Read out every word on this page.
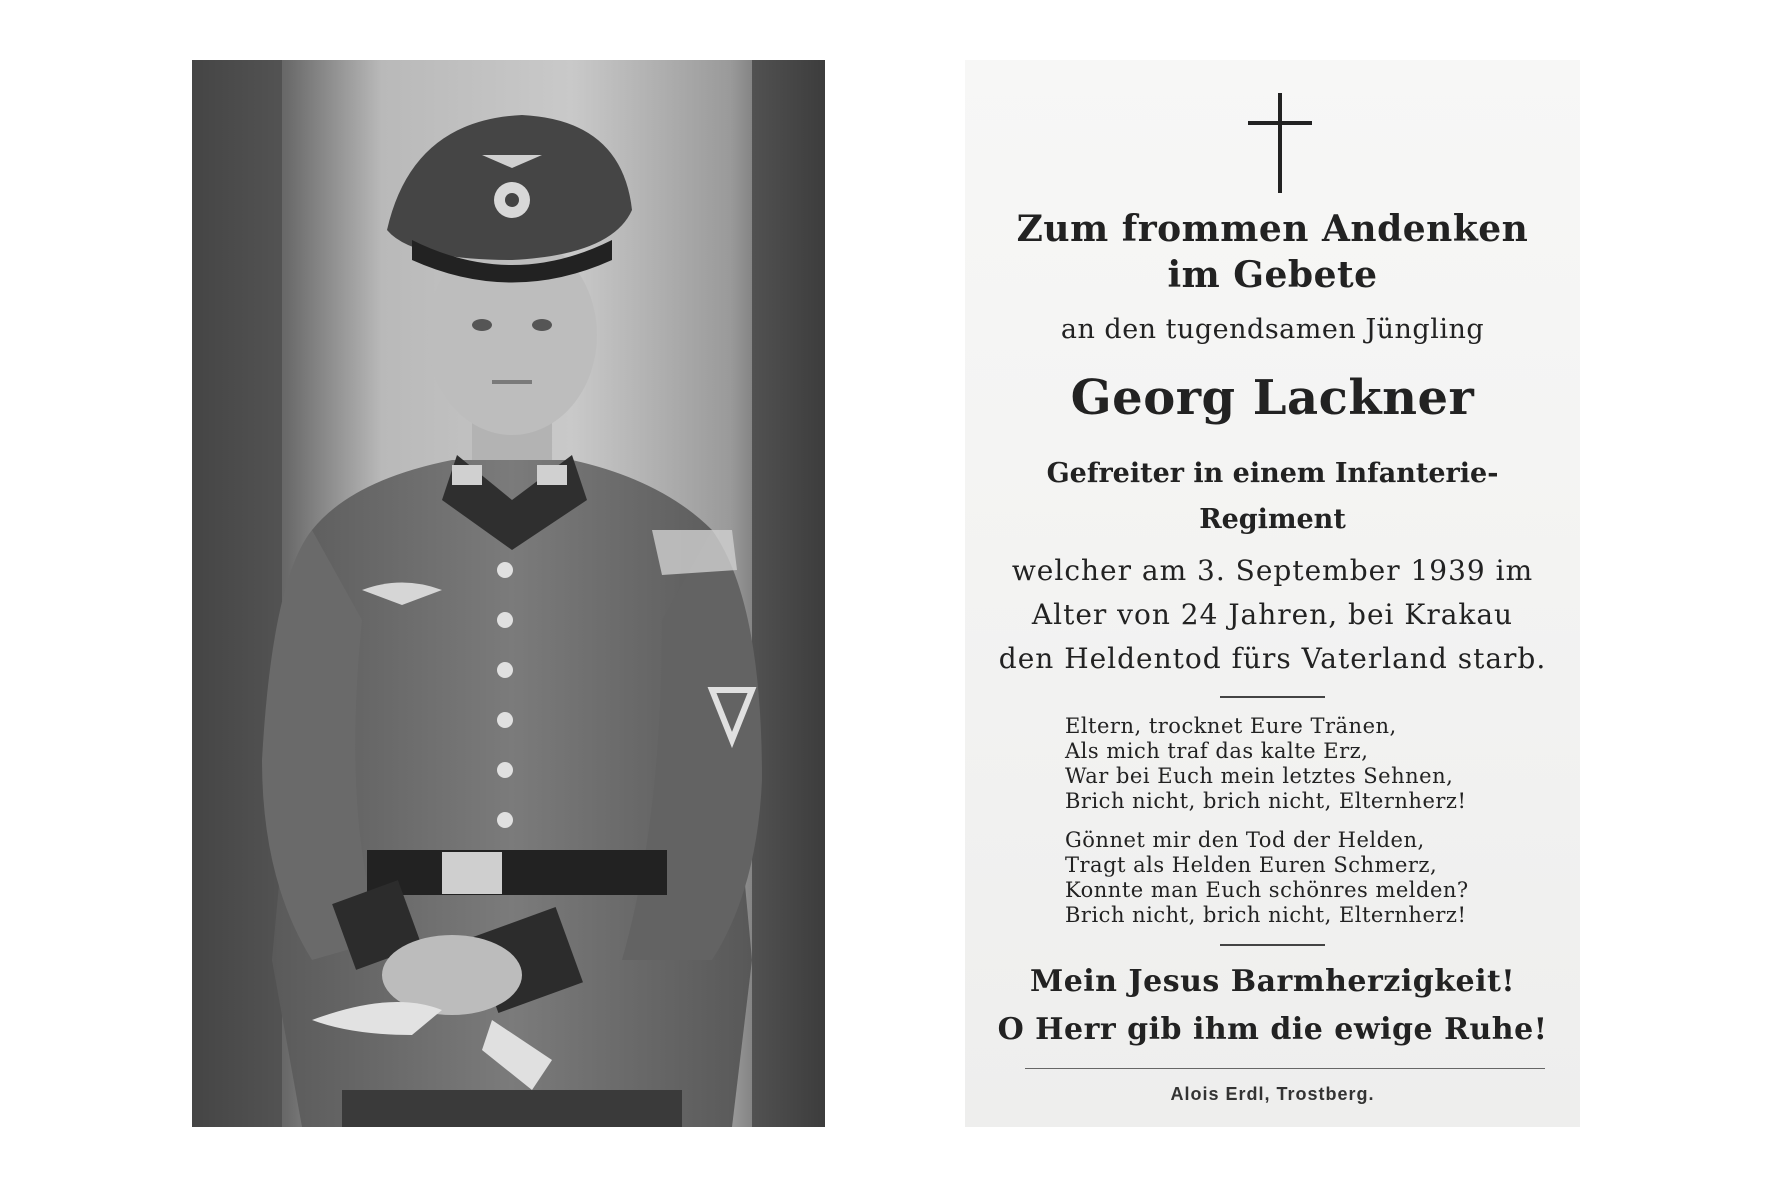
Zum frommen Andenken
im Gebete
an den tugendsamen Jüngling
Georg Lackner
Gefreiter in einem Infanterie-
Regiment
welcher am 3. September 1939 im
Alter von 24 Jahren, bei Krakau
den Heldentod fürs Vaterland starb.
Eltern, trocknet Eure Tränen,
Als mich traf das kalte Erz,
War bei Euch mein letztes Sehnen,
Brich nicht, brich nicht, Elternherz!
Gönnet mir den Tod der Helden,
Tragt als Helden Euren Schmerz,
Konnte man Euch schönres melden?
Brich nicht, brich nicht, Elternherz!
Mein Jesus Barmherzigkeit!
O Herr gib ihm die ewige Ruhe!
Alois Erdl, Trostberg.
